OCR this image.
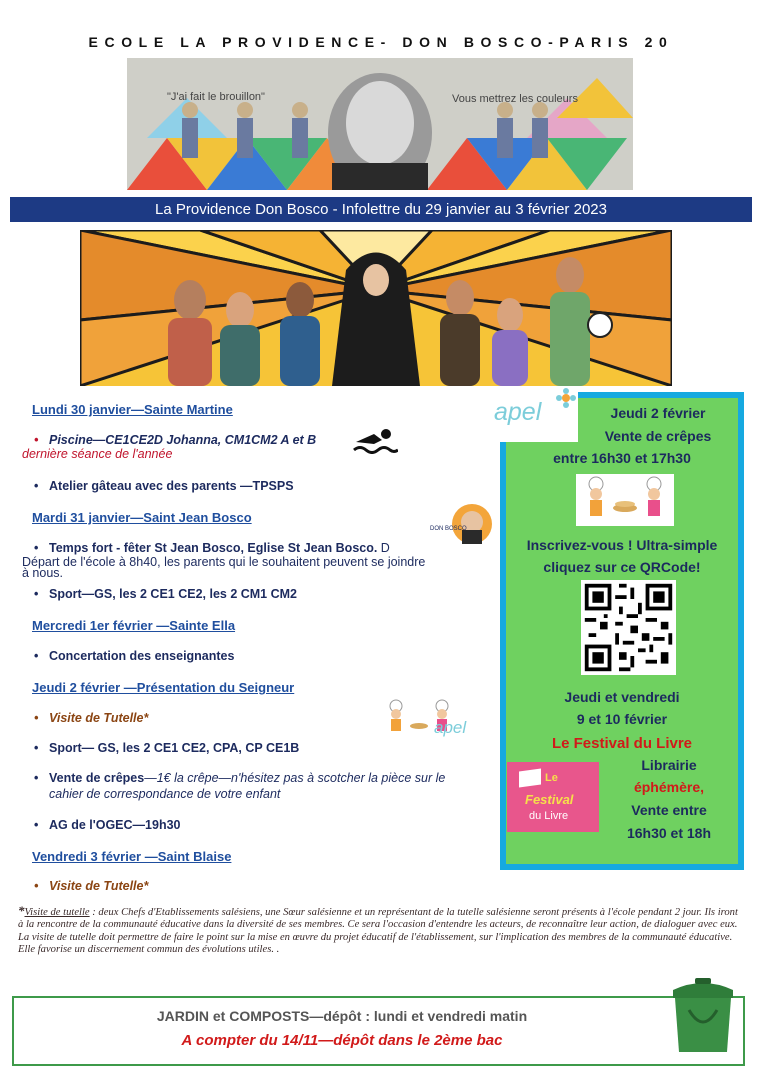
ECOLE LA PROVIDENCE- DON BOSCO-PARIS 20
"J'ai fait le brouillon"	Vous mettrez les couleurs
La Providence Don Bosco - Infolettre du 29 janvier au 3 février 2023
Lundi 30 janvier—Sainte Martine
• Piscine—CE1CE2D Johanna, CM1CM2 A et B
dernière séance de l'année
• Atelier gâteau avec des parents —TPSPS
Mardi 31 janvier—Saint Jean Bosco
DON BOSCO
• Temps fort - fêter St Jean Bosco, Eglise St Jean Bosco. D
Départ de l'école à 8h40, les parents qui le souhaitent peuvent se joindre
à nous.
• Sport—GS, les 2 CE1 CE2, les 2 CM1 CM2
Mercredi 1er février —Sainte Ella
• Concertation des enseignantes
Jeudi 2 février —Présentation du Seigneur
• Visite de Tutelle*	apel
• Sport— GS, les 2 CE1 CE2, CPA, CP CE1B
• Vente de crêpes—1€ la crêpe—n'hésitez pas à scotcher la pièce sur le
cahier de correspondance de votre enfant
• AG de l'OGEC—19h30
Vendredi 3 février —Saint Blaise
• Visite de Tutelle*
apel	Jeudi 2 février
Vente de crêpes
entre 16h30 et 17h30
Inscrivez-vous ! Ultra-simple
cliquez sur ce QRCode!
Jeudi et vendredi
9 et 10 février
Le Festival du Livre
Le
Festival
du Livre
Librairie
éphémère,
Vente entre
16h30 et 18h
*Visite de tutelle : deux Chefs d'Etablissements salésiens, une Sœur salésienne et un représentant de la tutelle salésienne seront présents à l'école pendant 2 jour. Ils iront à la rencontre de la communauté éducative dans la diversité de ses membres. Ce sera l'occasion d'entendre les acteurs, de reconnaître leur action, de dialoguer avec eux.
La visite de tutelle doit permettre de faire le point sur la mise en œuvre du projet éducatif de l'établissement, sur l'implication des membres de la communauté éducative. Elle favorise un discernement commun des évolutions utiles. .
JARDIN et COMPOSTS—dépôt : lundi et vendredi matin
A compter du 14/11—dépôt dans le 2ème bac
